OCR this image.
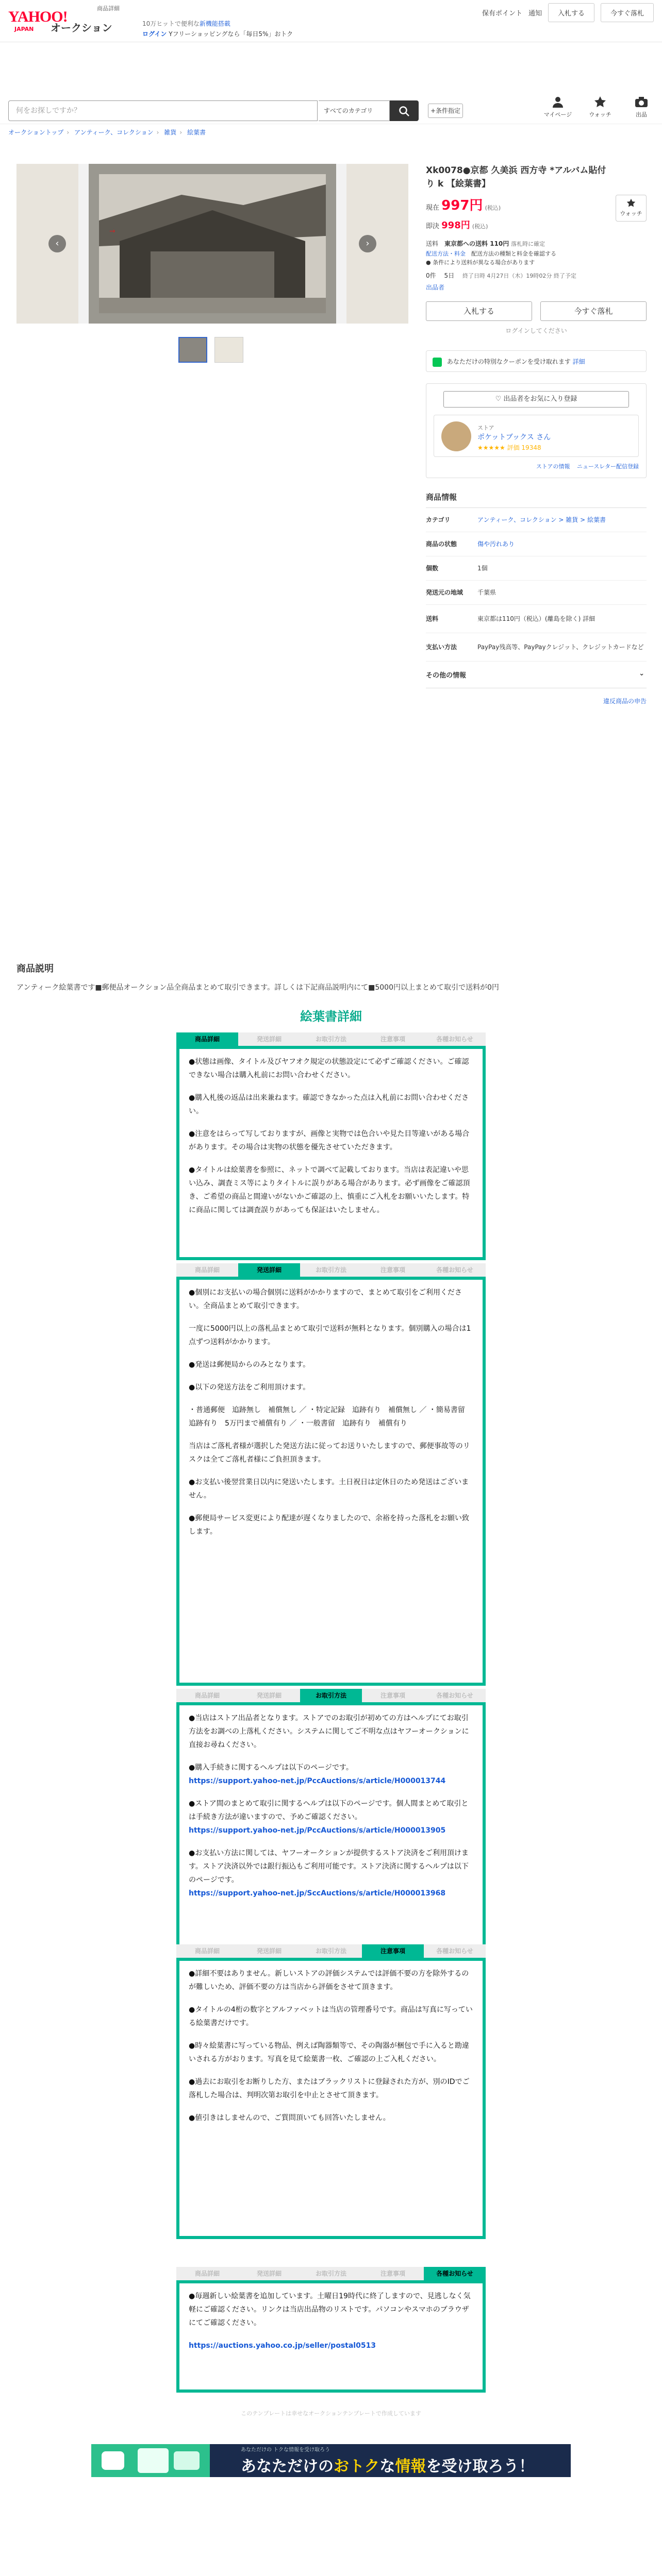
YAHOO!
JAPAN オークション
商品詳細
10万ヒットで便利な新機能搭載
ログイン Yフリーショッピングなら「毎日5%」おトク
保有ポイント 通知	入札する	今すぐ落札
何をお探しですか？	すべてのカテゴリ	+条件指定
マイページ	ウォッチ	出品
オークショントップ › アンティーク、コレクション › 雑貨 › 絵葉書
→
‹	›
Xk0078●京都 久美浜 西方寺 *アルバム貼付り k 【絵葉書】
ウォッチ
現在 997円 (税込)
即決 998円 (税込)
送料　 東京都への送料 110円 落札時に確定
配送方法・料金　 配送方法の種類と料金を確認する
● 条件により送料が異なる場合があります
0件　 5日　 終了日時 4月27日（木）19時02分 終了予定
出品者
入札する	今すぐ落札
ログインしてください
あなただけの特別なクーポンを受け取れます 詳細
♡ 出品者をお気に入り登録
ストア
ポケットブックス さん
★★★★★ 評価 19348
ストアの情報 ニュースレター配信登録
商品情報
カテゴリ	アンティーク、コレクション > 雑貨 > 絵葉書
商品の状態	傷や汚れあり
個数	1個
発送元の地域	千葉県
送料	東京都は110円（税込）(離島を除く) 詳細
支払い方法	PayPay残高等、PayPayクレジット、クレジットカードなど
その他の情報	⌄
違反商品の申告
商品説明
アンティーク絵葉書です■郵便品オークション品全商品まとめて取引できます。詳しくは下記商品説明内にて■5000円以上まとめて取引で送料が0円
絵葉書詳細
商品詳細	発送詳細	お取引方法	注意事項	各種お知らせ

●状態は画像、タイトル及びヤフオク規定の状態設定にて必ずご確認ください。ご確認できない場合は購入札前にお問い合わせください。

●購入札後の返品は出来兼ねます。確認できなかった点は入札前にお問い合わせください。

●注意をはらって写しておりますが、画像と実物では色合いや見た目等違いがある場合があります。その場合は実物の状態を優先させていただきます。

●タイトルは絵葉書を参照に、ネットで調べて記載しております。当店は表記違いや思い込み、調査ミス等によりタイトルに誤りがある場合があります。必ず画像をご確認頂き、ご希望の商品と間違いがないかご確認の上、慎重にご入札をお願いいたします。特に商品に関しては調査誤りがあっても保証はいたしません。

商品詳細	発送詳細	お取引方法	注意事項	各種お知らせ

●個別にお支払いの場合個別に送料がかかりますので、まとめて取引をご利用ください。全商品まとめて取引できます。

一度に5000円以上の落札品まとめて取引で送料が無料となります。個別購入の場合は1点ずつ送料がかかります。

●発送は郵便局からのみとなります。

●以下の発送方法をご利用頂けます。

・普通郵便　追跡無し　補償無し ／ ・特定記録　追跡有り　補償無し ／ ・簡易書留　追跡有り　5万円まで補償有り ／ ・一般書留　追跡有り　補償有り

当店はご落札者様が選択した発送方法に従ってお送りいたしますので、郵便事故等のリスクは全てご落札者様にご負担頂きます。

●お支払い後翌営業日以内に発送いたします。土日祝日は定休日のため発送はございません。

●郵便局サービス変更により配達が遅くなりましたので、余裕を持った落札をお願い致します。

商品詳細	発送詳細	お取引方法	注意事項	各種お知らせ

●当店はストア出品者となります。ストアでのお取引が初めての方はヘルプにてお取引方法をお調べの上落札ください。システムに関してご不明な点はヤフーオークションに直接お尋ねください。

●購入手続きに関するヘルプは以下のページです。

https://support.yahoo-net.jp/PccAuctions/s/article/H000013744

●ストア間のまとめて取引に関するヘルプは以下のページです。個人間まとめて取引とは手続き方法が違いますので、予めご確認ください。

https://support.yahoo-net.jp/PccAuctions/s/article/H000013905

●お支払い方法に関しては、ヤフーオークションが提供するストア決済をご利用頂けます。ストア決済以外では銀行振込もご利用可能です。ストア決済に関するヘルプは以下のページです。

https://support.yahoo-net.jp/SccAuctions/s/article/H000013968

商品詳細	発送詳細	お取引方法	注意事項	各種お知らせ

●詳細不要はありません。新しいストアの評価システムでは評価不要の方を除外するのが難しいため、評価不要の方は当店から評価をさせて頂きます。

●タイトルの4桁の数字とアルファベットは当店の管理番号です。商品は写真に写っている絵葉書だけです。

●時々絵葉書に写っている物品、例えば陶器類等で、その陶器が梱包で手に入ると勘違いされる方がおります。写真を見て絵葉書一枚、ご確認の上ご入札ください。

●過去にお取引をお断りした方、またはブラックリストに登録された方が、別のIDでご落札した場合は、判明次第お取引を中止とさせて頂きます。

●値引きはしませんので、ご質問頂いても回答いたしません。

商品詳細	発送詳細	お取引方法	注意事項	各種お知らせ

●毎週新しい絵葉書を追加しています。土曜日19時代に終了しますので、見逃しなく気軽にご確認ください。リンクは当店出品物のリストです。パソコンやスマホのブラウザにてご確認ください。

https://auctions.yahoo.co.jp/seller/postal0513

このテンプレートは幸せなオークションテンプレートで作成しています
あなただけの トクな情報を受け取ろう
あなただけのおトクな情報を受け取ろう！
